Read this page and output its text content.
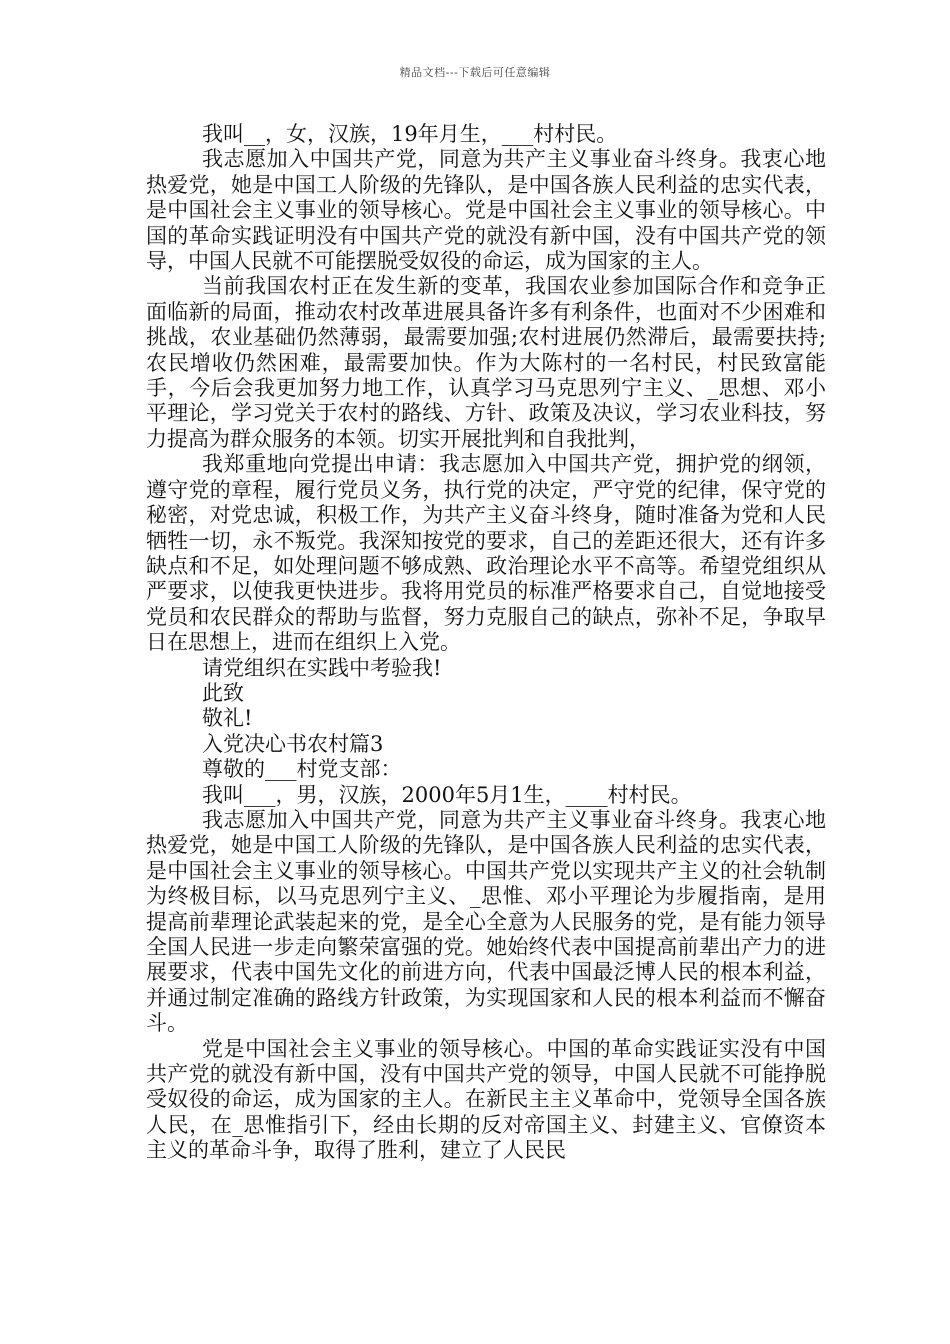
精品文档---下载后可任意编辑

我叫__，女，汉族，19年月生，___村村民。

我志愿加入中国共产党，同意为共产主义事业奋斗终身。我衷心地热爱党，她是中国工人阶级的先锋队，是中国各族人民利益的忠实代表，是中国社会主义事业的领导核心。党是中国社会主义事业的领导核心。中国的革命实践证明没有中国共产党的就没有新中国，没有中国共产党的领导，中国人民就不可能摆脱受奴役的命运，成为国家的主人。

当前我国农村正在发生新的变革，我国农业参加国际合作和竞争正面临新的局面，推动农村改革进展具备许多有利条件，也面对不少困难和挑战，农业基础仍然薄弱，最需要加强;农村进展仍然滞后，最需要扶持;农民增收仍然困难，最需要加快。作为大陈村的一名村民，村民致富能手，今后会我更加努力地工作，认真学习马克思列宁主义、_思想、邓小平理论，学习党关于农村的路线、方针、政策及决议，学习农业科技，努力提高为群众服务的本领。切实开展批判和自我批判，

我郑重地向党提出申请：我志愿加入中国共产党，拥护党的纲领，遵守党的章程，履行党员义务，执行党的决定，严守党的纪律，保守党的秘密，对党忠诚，积极工作，为共产主义奋斗终身，随时准备为党和人民牺牲一切，永不叛党。我深知按党的要求，自己的差距还很大，还有许多缺点和不足，如处理问题不够成熟、政治理论水平不高等。希望党组织从严要求，以使我更快进步。我将用党员的标准严格要求自己，自觉地接受党员和农民群众的帮助与监督，努力克服自己的缺点，弥补不足，争取早日在思想上，进而在组织上入党。

请党组织在实践中考验我!

此致

敬礼!

入党决心书农村篇3

尊敬的___村党支部：

我叫___，男，汉族，2000年5月1生，____村村民。

我志愿加入中国共产党，同意为共产主义事业奋斗终身。我衷心地热爱党，她是中国工人阶级的先锋队，是中国各族人民利益的忠实代表，是中国社会主义事业的领导核心。中国共产党以实现共产主义的社会轨制为终极目标，以马克思列宁主义、_思惟、邓小平理论为步履指南，是用提高前辈理论武装起来的党，是全心全意为人民服务的党，是有能力领导全国人民进一步走向繁荣富强的党。她始终代表中国提高前辈出产力的进展要求，代表中国先文化的前进方向，代表中国最泛博人民的根本利益，并通过制定准确的路线方针政策，为实现国家和人民的根本利益而不懈奋斗。

党是中国社会主义事业的领导核心。中国的革命实践证实没有中国共产党的就没有新中国，没有中国共产党的领导，中国人民就不可能挣脱受奴役的命运，成为国家的主人。在新民主主义革命中，党领导全国各族人民，在_思惟指引下，经由长期的反对帝国主义、封建主义、官僚资本主义的革命斗争，取得了胜利，建立了人民民
